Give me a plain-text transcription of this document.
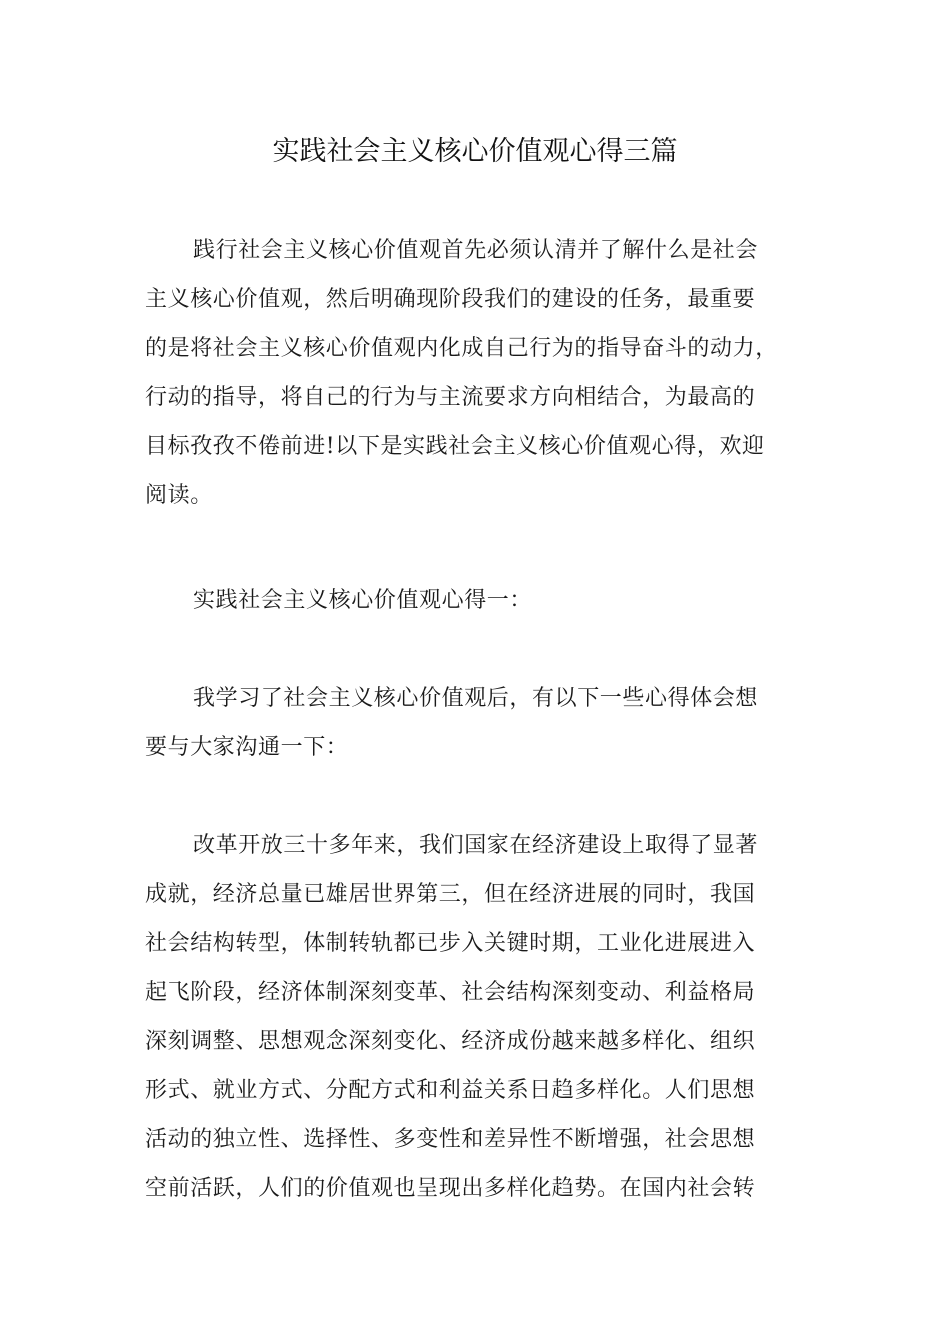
实践社会主义核心价值观心得三篇
践行社会主义核心价值观首先必须认清并了解什么是社会
主义核心价值观，然后明确现阶段我们的建设的任务，最重要
的是将社会主义核心价值观内化成自己行为的指导奋斗的动力，
行动的指导，将自己的行为与主流要求方向相结合，为最高的
目标孜孜不倦前进!以下是实践社会主义核心价值观心得，欢迎
阅读。
实践社会主义核心价值观心得一：
我学习了社会主义核心价值观后，有以下一些心得体会想
要与大家沟通一下：
改革开放三十多年来，我们国家在经济建设上取得了显著
成就，经济总量已雄居世界第三，但在经济进展的同时，我国
社会结构转型，体制转轨都已步入关键时期，工业化进展进入
起飞阶段，经济体制深刻变革、社会结构深刻变动、利益格局
深刻调整、思想观念深刻变化、经济成份越来越多样化、组织
形式、就业方式、分配方式和利益关系日趋多样化。人们思想
活动的独立性、选择性、多变性和差异性不断增强，社会思想
空前活跃，人们的价值观也呈现出多样化趋势。在国内社会转
